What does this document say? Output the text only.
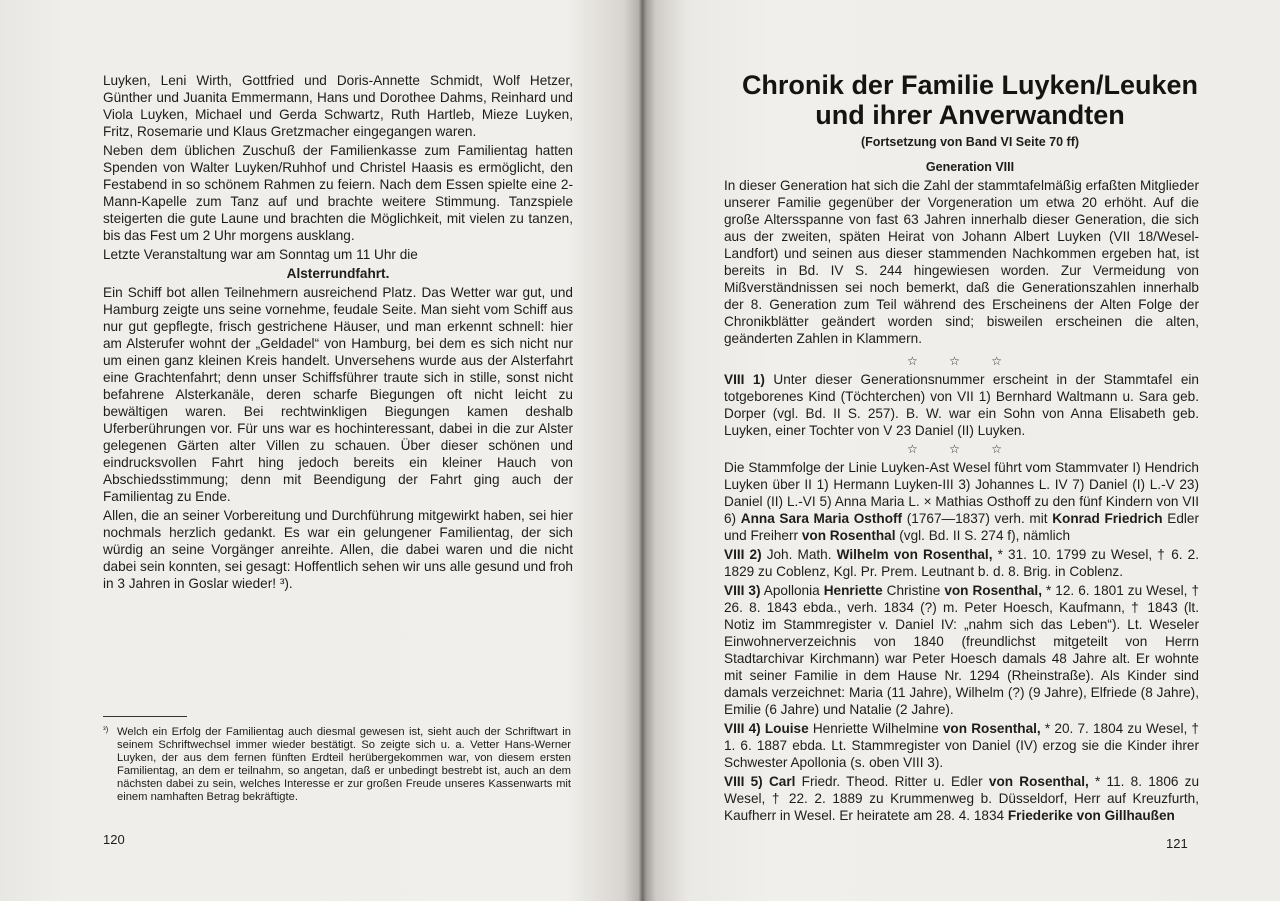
Luyken, Leni Wirth, Gottfried und Doris-Annette Schmidt, Wolf Hetzer, Günther und Juanita Emmermann, Hans und Dorothee Dahms, Reinhard und Viola Luyken, Michael und Gerda Schwartz, Ruth Hartleb, Mieze Luyken, Fritz, Rosemarie und Klaus Gretzmacher eingegangen waren.

Neben dem üblichen Zuschuß der Familienkasse zum Familientag hatten Spenden von Walter Luyken/Ruhhof und Christel Haasis es ermöglicht, den Festabend in so schönem Rahmen zu feiern. Nach dem Essen spielte eine 2-Mann-Kapelle zum Tanz auf und brachte weitere Stimmung. Tanzspiele steigerten die gute Laune und brachten die Möglichkeit, mit vielen zu tanzen, bis das Fest um 2 Uhr morgens ausklang.

Letzte Veranstaltung war am Sonntag um 11 Uhr die

Alsterrundfahrt.

Ein Schiff bot allen Teilnehmern ausreichend Platz. Das Wetter war gut, und Hamburg zeigte uns seine vornehme, feudale Seite. Man sieht vom Schiff aus nur gut gepflegte, frisch gestrichene Häuser, und man erkennt schnell: hier am Alsterufer wohnt der „Geldadel“ von Hamburg, bei dem es sich nicht nur um einen ganz kleinen Kreis handelt. Unversehens wurde aus der Alsterfahrt eine Grachtenfahrt; denn unser Schiffsführer traute sich in stille, sonst nicht befahrene Alsterkanäle, deren scharfe Biegungen oft nicht leicht zu bewältigen waren. Bei rechtwinkligen Biegungen kamen deshalb Uferberührungen vor. Für uns war es hochinteressant, dabei in die zur Alster gelegenen Gärten alter Villen zu schauen. Über dieser schönen und eindrucksvollen Fahrt hing jedoch bereits ein kleiner Hauch von Abschiedsstimmung; denn mit Beendigung der Fahrt ging auch der Familientag zu Ende.

Allen, die an seiner Vorbereitung und Durchführung mitgewirkt haben, sei hier nochmals herzlich gedankt. Es war ein gelungener Familientag, der sich würdig an seine Vorgänger anreihte. Allen, die dabei waren und die nicht dabei sein konnten, sei gesagt: Hoffentlich sehen wir uns alle gesund und froh in 3 Jahren in Goslar wieder! ³).

³) Welch ein Erfolg der Familientag auch diesmal gewesen ist, sieht auch der Schriftwart in seinem Schriftwechsel immer wieder bestätigt. So zeigte sich u. a. Vetter Hans-Werner Luyken, der aus dem fernen fünften Erdteil herübergekommen war, von diesem ersten Familientag, an dem er teilnahm, so angetan, daß er unbedingt bestrebt ist, auch an dem nächsten dabei zu sein, welches Interesse er zur großen Freude unseres Kassenwarts mit einem namhaften Betrag bekräftigte.
120
Chronik der Familie Luyken/Leuken
und ihrer Anverwandten
(Fortsetzung von Band VI Seite 70 ff)
Generation VIII

In dieser Generation hat sich die Zahl der stammtafelmäßig erfaßten Mitglieder unserer Familie gegenüber der Vorgeneration um etwa 20 erhöht. Auf die große Altersspanne von fast 63 Jahren innerhalb dieser Generation, die sich aus der zweiten, späten Heirat von Johann Albert Luyken (VII 18/Wesel-Landfort) und seinen aus dieser stammenden Nachkommen ergeben hat, ist bereits in Bd. IV S. 244 hingewiesen worden. Zur Vermeidung von Mißverständnissen sei noch bemerkt, daß die Generationszahlen innerhalb der 8. Generation zum Teil während des Erscheinens der Alten Folge der Chronikblätter geändert worden sind; bisweilen erscheinen die alten, geänderten Zahlen in Klammern.

☆ ☆ ☆

VIII 1) Unter dieser Generationsnummer erscheint in der Stammtafel ein totgeborenes Kind (Töchterchen) von VII 1) Bernhard Waltmann u. Sara geb. Dorper (vgl. Bd. II S. 257). B. W. war ein Sohn von Anna Elisabeth geb. Luyken, einer Tochter von V 23 Daniel (II) Luyken.

☆ ☆ ☆

Die Stammfolge der Linie Luyken-Ast Wesel führt vom Stammvater I) Hendrich Luyken über II 1) Hermann Luyken-III 3) Johannes L. IV 7) Daniel (I) L.-V 23) Daniel (II) L.-VI 5) Anna Maria L. × Mathias Osthoff zu den fünf Kindern von VII 6) Anna Sara Maria Osthoff (1767—1837) verh. mit Konrad Friedrich Edler und Freiherr von Rosenthal (vgl. Bd. II S. 274 f), nämlich

VIII 2) Joh. Math. Wilhelm von Rosenthal, * 31. 10. 1799 zu Wesel, † 6. 2. 1829 zu Coblenz, Kgl. Pr. Prem. Leutnant b. d. 8. Brig. in Coblenz.

VIII 3) Apollonia Henriette Christine von Rosenthal, * 12. 6. 1801 zu Wesel, † 26. 8. 1843 ebda., verh. 1834 (?) m. Peter Hoesch, Kaufmann, † 1843 (lt. Notiz im Stammregister v. Daniel IV: „nahm sich das Leben“). Lt. Weseler Einwohnerverzeichnis von 1840 (freundlichst mitgeteilt von Herrn Stadtarchivar Kirchmann) war Peter Hoesch damals 48 Jahre alt. Er wohnte mit seiner Familie in dem Hause Nr. 1294 (Rheinstraße). Als Kinder sind damals verzeichnet: Maria (11 Jahre), Wilhelm (?) (9 Jahre), Elfriede (8 Jahre), Emilie (6 Jahre) und Natalie (2 Jahre).

VIII 4) Louise Henriette Wilhelmine von Rosenthal, * 20. 7. 1804 zu Wesel, † 1. 6. 1887 ebda. Lt. Stammregister von Daniel (IV) erzog sie die Kinder ihrer Schwester Apollonia (s. oben VIII 3).

VIII 5) Carl Friedr. Theod. Ritter u. Edler von Rosenthal, * 11. 8. 1806 zu Wesel, † 22. 2. 1889 zu Krummenweg b. Düsseldorf, Herr auf Kreuzfurth, Kaufherr in Wesel. Er heiratete am 28. 4. 1834 Friederike von Gillhaußen

121
